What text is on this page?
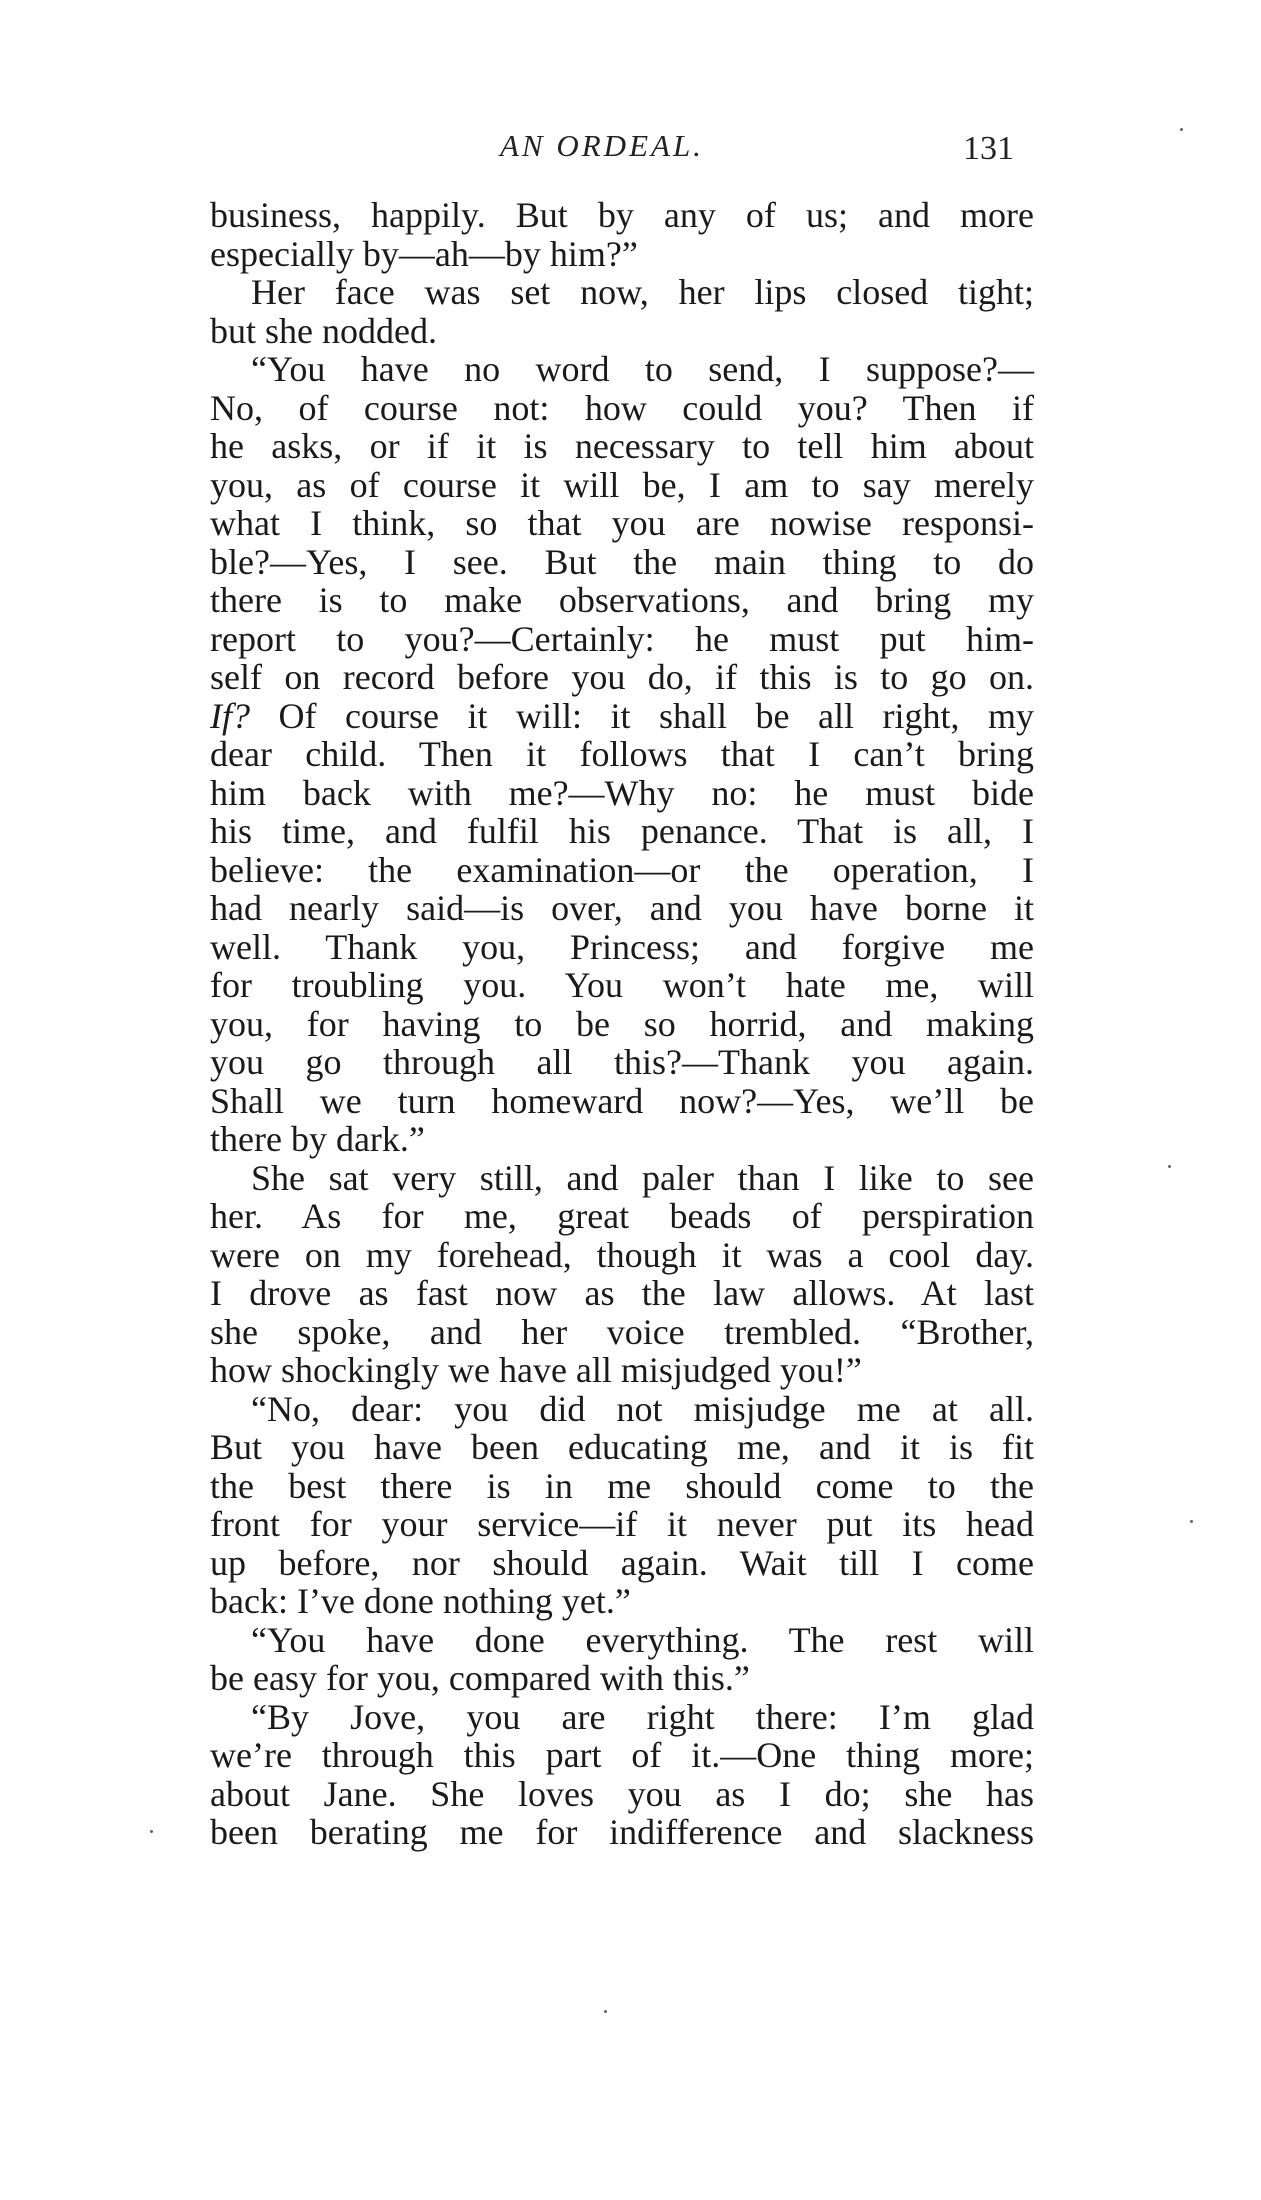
AN ORDEAL.	131
business, happily. But by any of us; and more
especially by—ah—by him?”
Her face was set now, her lips closed tight;
but she nodded.
“You have no word to send, I suppose?—
No, of course not: how could you? Then if
he asks, or if it is necessary to tell him about
you, as of course it will be, I am to say merely
what I think, so that you are nowise responsi-
ble?—Yes, I see. But the main thing to do
there is to make observations, and bring my
report to you?—Certainly: he must put him-
self on record before you do, if this is to go on.
If? Of course it will: it shall be all right, my
dear child. Then it follows that I can’t bring
him back with me?—Why no: he must bide
his time, and fulfil his penance. That is all, I
believe: the examination—or the operation, I
had nearly said—is over, and you have borne it
well. Thank you, Princess; and forgive me
for troubling you. You won’t hate me, will
you, for having to be so horrid, and making
you go through all this?—Thank you again.
Shall we turn homeward now?—Yes, we’ll be
there by dark.”
She sat very still, and paler than I like to see
her. As for me, great beads of perspiration
were on my forehead, though it was a cool day.
I drove as fast now as the law allows. At last
she spoke, and her voice trembled. “Brother,
how shockingly we have all misjudged you!”
“No, dear: you did not misjudge me at all.
But you have been educating me, and it is fit
the best there is in me should come to the
front for your service—if it never put its head
up before, nor should again. Wait till I come
back: I’ve done nothing yet.”
“You have done everything. The rest will
be easy for you, compared with this.”
“By Jove, you are right there: I’m glad
we’re through this part of it.—One thing more;
about Jane. She loves you as I do; she has
been berating me for indifference and slackness
